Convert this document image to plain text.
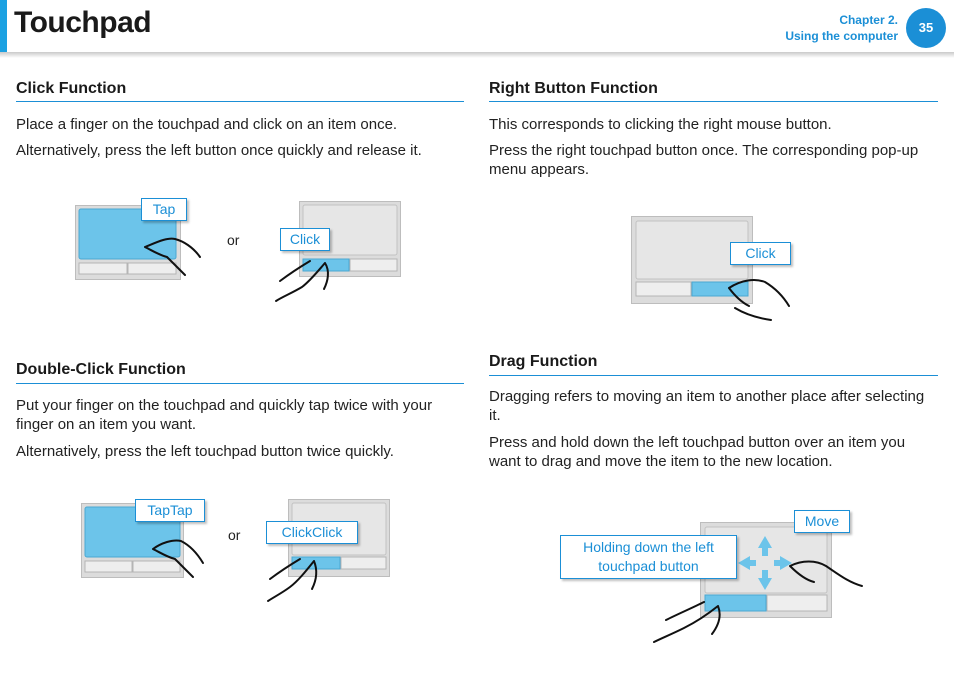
Touchpad	Chapter 2.
Using the computer
35
Click Function

Place a finger on the touchpad and click on an item once.

Alternatively, press the left button once quickly and release it.

Tap
or	Click
Double-Click Function

Put your finger on the touchpad and quickly tap twice with your finger on an item you want.

Alternatively, press the left touchpad button twice quickly.

TapTap
or	ClickClick
Right Button Function

This corresponds to clicking the right mouse button.

Press the right touchpad button once. The corresponding pop-up menu appears.

Click
Drag Function

Dragging refers to moving an item to another place after selecting it.

Press and hold down the left touchpad button over an item you want to drag and move the item to the new location.

Holding down the left touchpad button
Move
